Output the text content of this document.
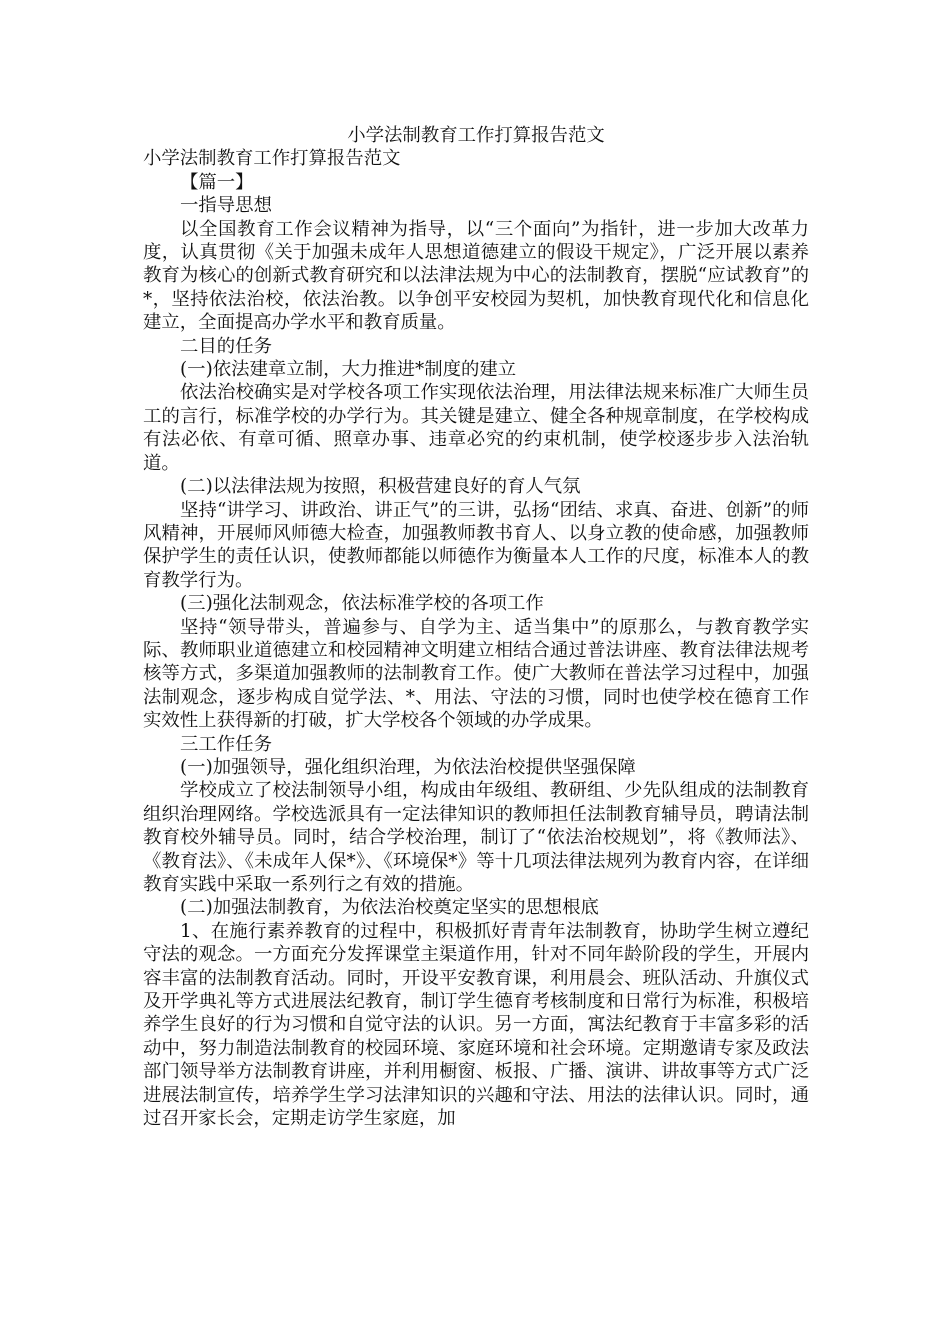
小学法制教育工作打算报告范文

小学法制教育工作打算报告范文

【篇一】

一指导思想

以全国教育工作会议精神为指导，以“三个面向”为指针，进一步加大改革力度，认真贯彻《关于加强未成年人思想道德建立的假设干规定》，广泛开展以素养教育为核心的创新式教育研究和以法津法规为中心的法制教育，摆脱“应试教育”的*，坚持依法治校，依法治教。以争创平安校园为契机，加快教育现代化和信息化建立，全面提高办学水平和教育质量。

二目的任务

(一)依法建章立制，大力推进*制度的建立

依法治校确实是对学校各项工作实现依法治理，用法律法规来标准广大师生员工的言行，标准学校的办学行为。其关键是建立、健全各种规章制度，在学校构成有法必依、有章可循、照章办事、违章必究的约束机制，使学校逐步步入法治轨道。

(二)以法律法规为按照，积极营建良好的育人气氛

坚持“讲学习、讲政治、讲正气”的三讲，弘扬“团结、求真、奋进、创新”的师风精神，开展师风师德大检查，加强教师教书育人、以身立教的使命感，加强教师保护学生的责任认识，使教师都能以师德作为衡量本人工作的尺度，标准本人的教育教学行为。

(三)强化法制观念，依法标准学校的各项工作

坚持“领导带头，普遍参与、自学为主、适当集中”的原那么，与教育教学实际、教师职业道德建立和校园精神文明建立相结合通过普法讲座、教育法律法规考核等方式，多渠道加强教师的法制教育工作。使广大教师在普法学习过程中，加强法制观念，逐步构成自觉学法、*、用法、守法的习惯，同时也使学校在德育工作实效性上获得新的打破，扩大学校各个领域的办学成果。

三工作任务

(一)加强领导，强化组织治理，为依法治校提供坚强保障

学校成立了校法制领导小组，构成由年级组、教研组、少先队组成的法制教育组织治理网络。学校选派具有一定法律知识的教师担任法制教育辅导员，聘请法制教育校外辅导员。同时，结合学校治理，制订了“依法治校规划”，将《教师法》、《教育法》、《未成年人保*》、《环境保*》等十几项法律法规列为教育内容，在详细教育实践中采取一系列行之有效的措施。

(二)加强法制教育，为依法治校奠定坚实的思想根底

1、在施行素养教育的过程中，积极抓好青青年法制教育，协助学生树立遵纪守法的观念。一方面充分发挥课堂主渠道作用，针对不同年龄阶段的学生，开展内容丰富的法制教育活动。同时，开设平安教育课，利用晨会、班队活动、升旗仪式及开学典礼等方式进展法纪教育，制订学生德育考核制度和日常行为标准，积极培养学生良好的行为习惯和自觉守法的认识。另一方面，寓法纪教育于丰富多彩的活动中，努力制造法制教育的校园环境、家庭环境和社会环境。定期邀请专家及政法部门领导举方法制教育讲座，并利用橱窗、板报、广播、演讲、讲故事等方式广泛进展法制宣传，培养学生学习法津知识的兴趣和守法、用法的法律认识。同时，通过召开家长会，定期走访学生家庭，加
